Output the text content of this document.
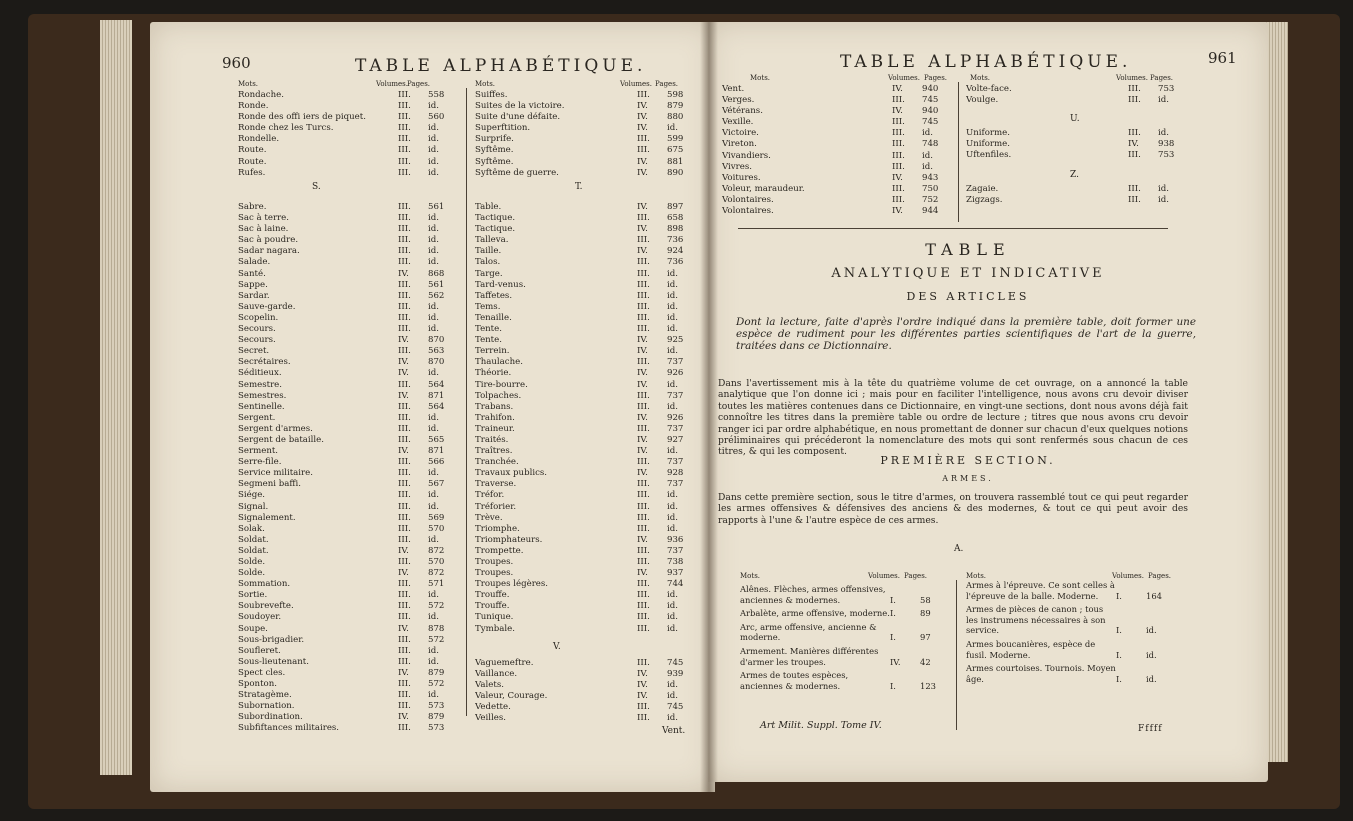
960	TABLE ALPHABÉTIQUE.
Mots.	Volumes. Pages.	Mots.	Volumes. Pages.
Rondache.	III.	558
Ronde.	III.	id.
Ronde des offi iers de piquet.	III.	560
Ronde chez les Turcs.	III.	id.
Rondelle.	III.	id.
Route.	III.	id.
Route.	III.	id.
Rufes.	III.	id.
S.
Sabre.	III.	561
Sac à terre.	III.	id.
Sac à laine.	III.	id.
Sac à poudre.	III.	id.
Sadar nagara.	III.	id.
Salade.	III.	id.
Santé.	IV.	868
Sappe.	III.	561
Sardar.	III.	562
Sauve-garde.	III.	id.
Scopelin.	III.	id.
Secours.	III.	id.
Secours.	IV.	870
Secret.	III.	563
Secrétaires.	IV.	870
Séditieux.	IV.	id.
Semestre.	III.	564
Semestres.	IV.	871
Sentinelle.	III.	564
Sergent.	III.	id.
Sergent d'armes.	III.	id.
Sergent de bataille.	III.	565
Serment.	IV.	871
Serre-file.	III.	566
Service militaire.	III.	id.
Segmeni baffi.	III.	567
Siége.	III.	id.
Signal.	III.	id.
Signalement.	III.	569
Solak.	III.	570
Soldat.	III.	id.
Soldat.	IV.	872
Solde.	III.	570
Solde.	IV.	872
Sommation.	III.	571
Sortie.	III.	id.
Soubrevefte.	III.	572
Soudoyer.	III.	id.
Soupe.	IV.	878
Sous-brigadier.	III.	572
Soufleret.	III.	id.
Sous-lieutenant.	III.	id.
Spect cles.	IV.	879
Sponton.	III.	572
Stratagème.	III.	id.
Subornation.	III.	573
Subordination.	IV.	879
Subfiftances militaires.	III.	573
Suiffes.	III.	598
Suites de la victoire.	IV.	879
Suite d'une défaite.	IV.	880
Superftition.	IV.	id.
Surprife.	III.	599
Syftême.	III.	675
Syftême.	IV.	881
Syftême de guerre.	IV.	890
T.
Table.	IV.	897
Tactique.	III.	658
Tactique.	IV.	898
Talleva.	III.	736
Taille.	IV.	924
Talos.	III.	736
Targe.	III.	id.
Tard-venus.	III.	id.
Taffetes.	III.	id.
Tems.	III.	id.
Tenaille.	III.	id.
Tente.	III.	id.
Tente.	IV.	925
Terrein.	IV.	id.
Thaulache.	III.	737
Théorie.	IV.	926
Tire-bourre.	IV.	id.
Tolpaches.	III.	737
Trabans.	III.	id.
Trahifon.	IV.	926
Traineur.	III.	737
Traités.	IV.	927
Traîtres.	IV.	id.
Tranchée.	III.	737
Travaux publics.	IV.	928
Traverse.	III.	737
Tréfor.	III.	id.
Tréforier.	III.	id.
Trève.	III.	id.
Triomphe.	III.	id.
Triomphateurs.	IV.	936
Trompette.	III.	737
Troupes.	III.	738
Troupes.	IV.	937
Troupes légères.	III.	744
Trouffe.	III.	id.
Trouffe.	III.	id.
Tunique.	III.	id.
Tymbale.	III.	id.
V.
Vaguemeftre.	III.	745
Vaillance.	IV.	939
Valets.	IV.	id.
Valeur, Courage.	IV.	id.
Vedette.	III.	745
Veilles.	III.	id.
Vent.
TABLE ALPHABÉTIQUE.	961
Mots.	Volumes. Pages.	Mots.	Volumes. Pages.
Vent.	IV.	940
Verges.	III.	745
Vétérans.	IV.	940
Vexille.	III.	745
Victoire.	III.	id.
Vireton.	III.	748
Vivandiers.	III.	id.
Vivres.	III.	id.
Voitures.	IV.	943
Voleur, maraudeur.	III.	750
Volontaires.	III.	752
Volontaires.	IV.	944
Volte-face.	III.	753
Voulge.	III.	id.
U.
Uniforme.	III.	id.
Uniforme.	IV.	938
Uftenfiles.	III.	753
Z.
Zagaie.	III.	id.
Zigzags.	III.	id.
TABLE
ANALYTIQUE ET INDICATIVE
DES ARTICLES
Dont la lecture, faite d'après l'ordre indiqué dans la première table, doit former une espèce de rudiment pour les différentes parties scientifiques de l'art de la guerre, traitées dans ce Dictionnaire.
Dans l'avertissement mis à la tête du quatrième volume de cet ouvrage, on a annoncé la table analytique que l'on donne ici ; mais pour en faciliter l'intelligence, nous avons cru devoir diviser toutes les matières contenues dans ce Dictionnaire, en vingt-une sections, dont nous avons déjà fait connoître les titres dans la première table ou ordre de lecture ; titres que nous avons cru devoir ranger ici par ordre alphabétique, en nous promettant de donner sur chacun d'eux quelques notions préliminaires qui précéderont la nomenclature des mots qui sont renfermés sous chacun de ces titres, & qui les composent.
PREMIÈRE SECTION.
ARMES.
Dans cette première section, sous le titre d'armes, on trouvera rassemblé tout ce qui peut regarder les armes offensives & défensives des anciens & des modernes, & tout ce qui peut avoir des rapports à l'une & l'autre espèce de ces armes.
A.
Mots.	Volumes. Pages.	Mots.	Volumes. Pages.
Alênes. Flèches, armes offensives, anciennes & modernes.	I.	58
Arbalète, arme offensive, moderne. I.	89
Arc, arme offensive, ancienne & moderne.	I.	97
Armement. Manières différentes d'armer les troupes.	IV.	42
Armes de toutes espèces, anciennes & modernes.	I.	123
Armes à l'épreuve. Ce sont celles à l'épreuve de la balle. Moderne.	I.	164
Armes de pièces de canon ; tous les instrumens nécessaires à son service.	I.	id.
Armes boucanières, espèce de fusil. Moderne.	I.	id.
Armes courtoises. Tournois. Moyen âge.	I.	id.
Art Milit. Suppl. Tome IV.	Fffff
